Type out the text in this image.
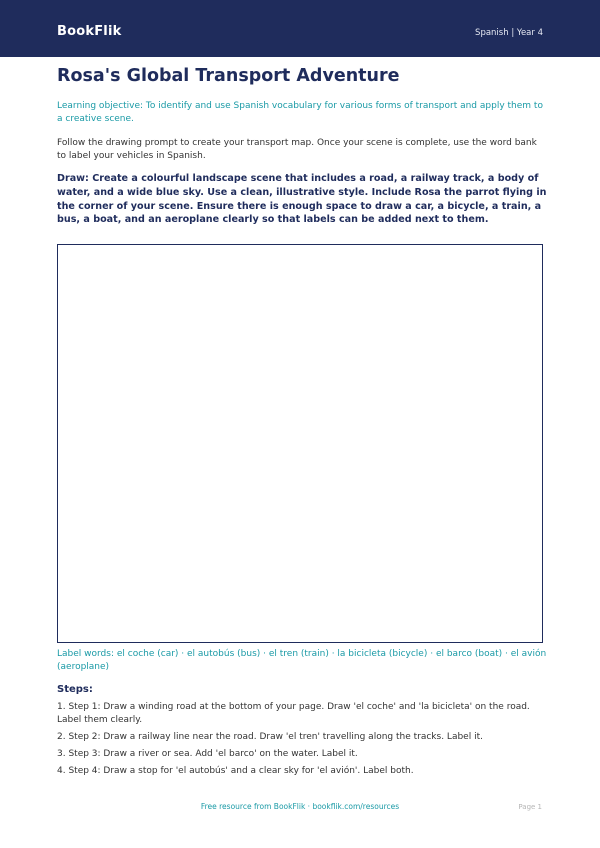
BookFlik	Spanish | Year 4
Rosa's Global Transport Adventure

Learning objective: To identify and use Spanish vocabulary for various forms of transport and apply them to a creative scene.

Follow the drawing prompt to create your transport map. Once your scene is complete, use the word bank to label your vehicles in Spanish.

Draw: Create a colourful landscape scene that includes a road, a railway track, a body of water, and a wide blue sky. Use a clean, illustrative style. Include Rosa the parrot flying in the corner of your scene. Ensure there is enough space to draw a car, a bicycle, a train, a bus, a boat, and an aeroplane clearly so that labels can be added next to them.

Label words: el coche (car) · el autobús (bus) · el tren (train) · la bicicleta (bicycle) · el barco (boat) · el avión (aeroplane)

Steps:
1. Step 1: Draw a winding road at the bottom of your page. Draw 'el coche' and 'la bicicleta' on the road. Label them clearly.
2. Step 2: Draw a railway line near the road. Draw 'el tren' travelling along the tracks. Label it.
3. Step 3: Draw a river or sea. Add 'el barco' on the water. Label it.
4. Step 4: Draw a stop for 'el autobús' and a clear sky for 'el avión'. Label both.
Free resource from BookFlik · bookflik.com/resources	Page 1
